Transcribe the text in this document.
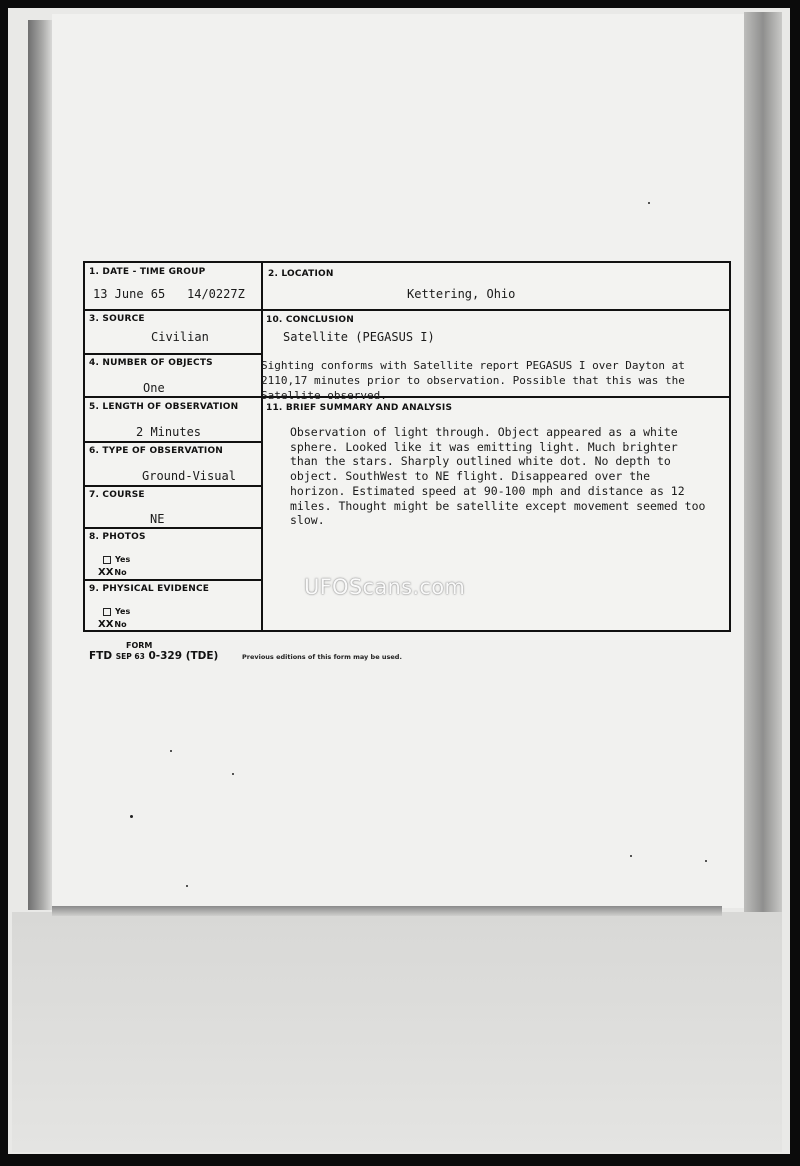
1. DATE - TIME GROUP
13 June 65 14/0227Z
2. LOCATION
Kettering, Ohio
3. SOURCE
Civilian
10. CONCLUSION
Satellite (PEGASUS I)
Sighting conforms with Satellite report PEGASUS I over Dayton at
2110,17 minutes prior to observation. Possible that this was the
Satellite observed.
4. NUMBER OF OBJECTS
One
5. LENGTH OF OBSERVATION
2 Minutes
6. TYPE OF OBSERVATION
Ground-Visual
7. COURSE
NE
8. PHOTOS
Yes
XXNo
9. PHYSICAL EVIDENCE
Yes
XXNo
11. BRIEF SUMMARY AND ANALYSIS
Observation of light through. Object appeared as a white
sphere. Looked like it was emitting light. Much brighter
than the stars. Sharply outlined white dot. No depth to
object. SouthWest to NE flight. Disappeared over the
horizon. Estimated speed at 90-100 mph and distance as 12
miles. Thought might be satellite except movement seemed too
slow.
UFOScans.com
FORM
FTD SEP 63 0-329 (TDE)	Previous editions of this form may be used.
